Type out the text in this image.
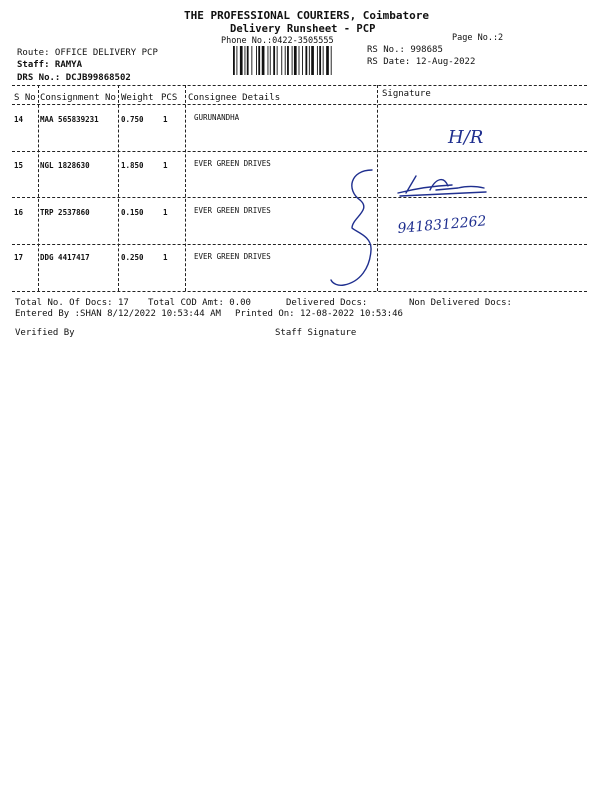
THE PROFESSIONAL COURIERS, Coimbatore
Delivery Runsheet - PCP
Phone No.:0422-3505555	Page No.:2
Route: OFFICE DELIVERY PCP
Staff: RAMYA
DRS No.: DCJB99868502
RS No.: 998685
RS Date: 12-Aug-2022
S No Consignment No Weight PCS Consignee Details	Signature
14 MAA 565839231	0.750	1	GURUNANDHA
15 NGL 1828630	1.850	1	EVER GREEN DRIVES
16 TRP 2537860	0.150	1	EVER GREEN DRIVES
17 DDG 4417417	0.250	1	EVER GREEN DRIVES
H/R
9418312262
Total No. Of Docs: 17 Total COD Amt: 0.00	Delivered Docs:	Non Delivered Docs:
Entered By :SHAN 8/12/2022 10:53:44 AM Printed On: 12-08-2022 10:53:46
Verified By	Staff Signature
